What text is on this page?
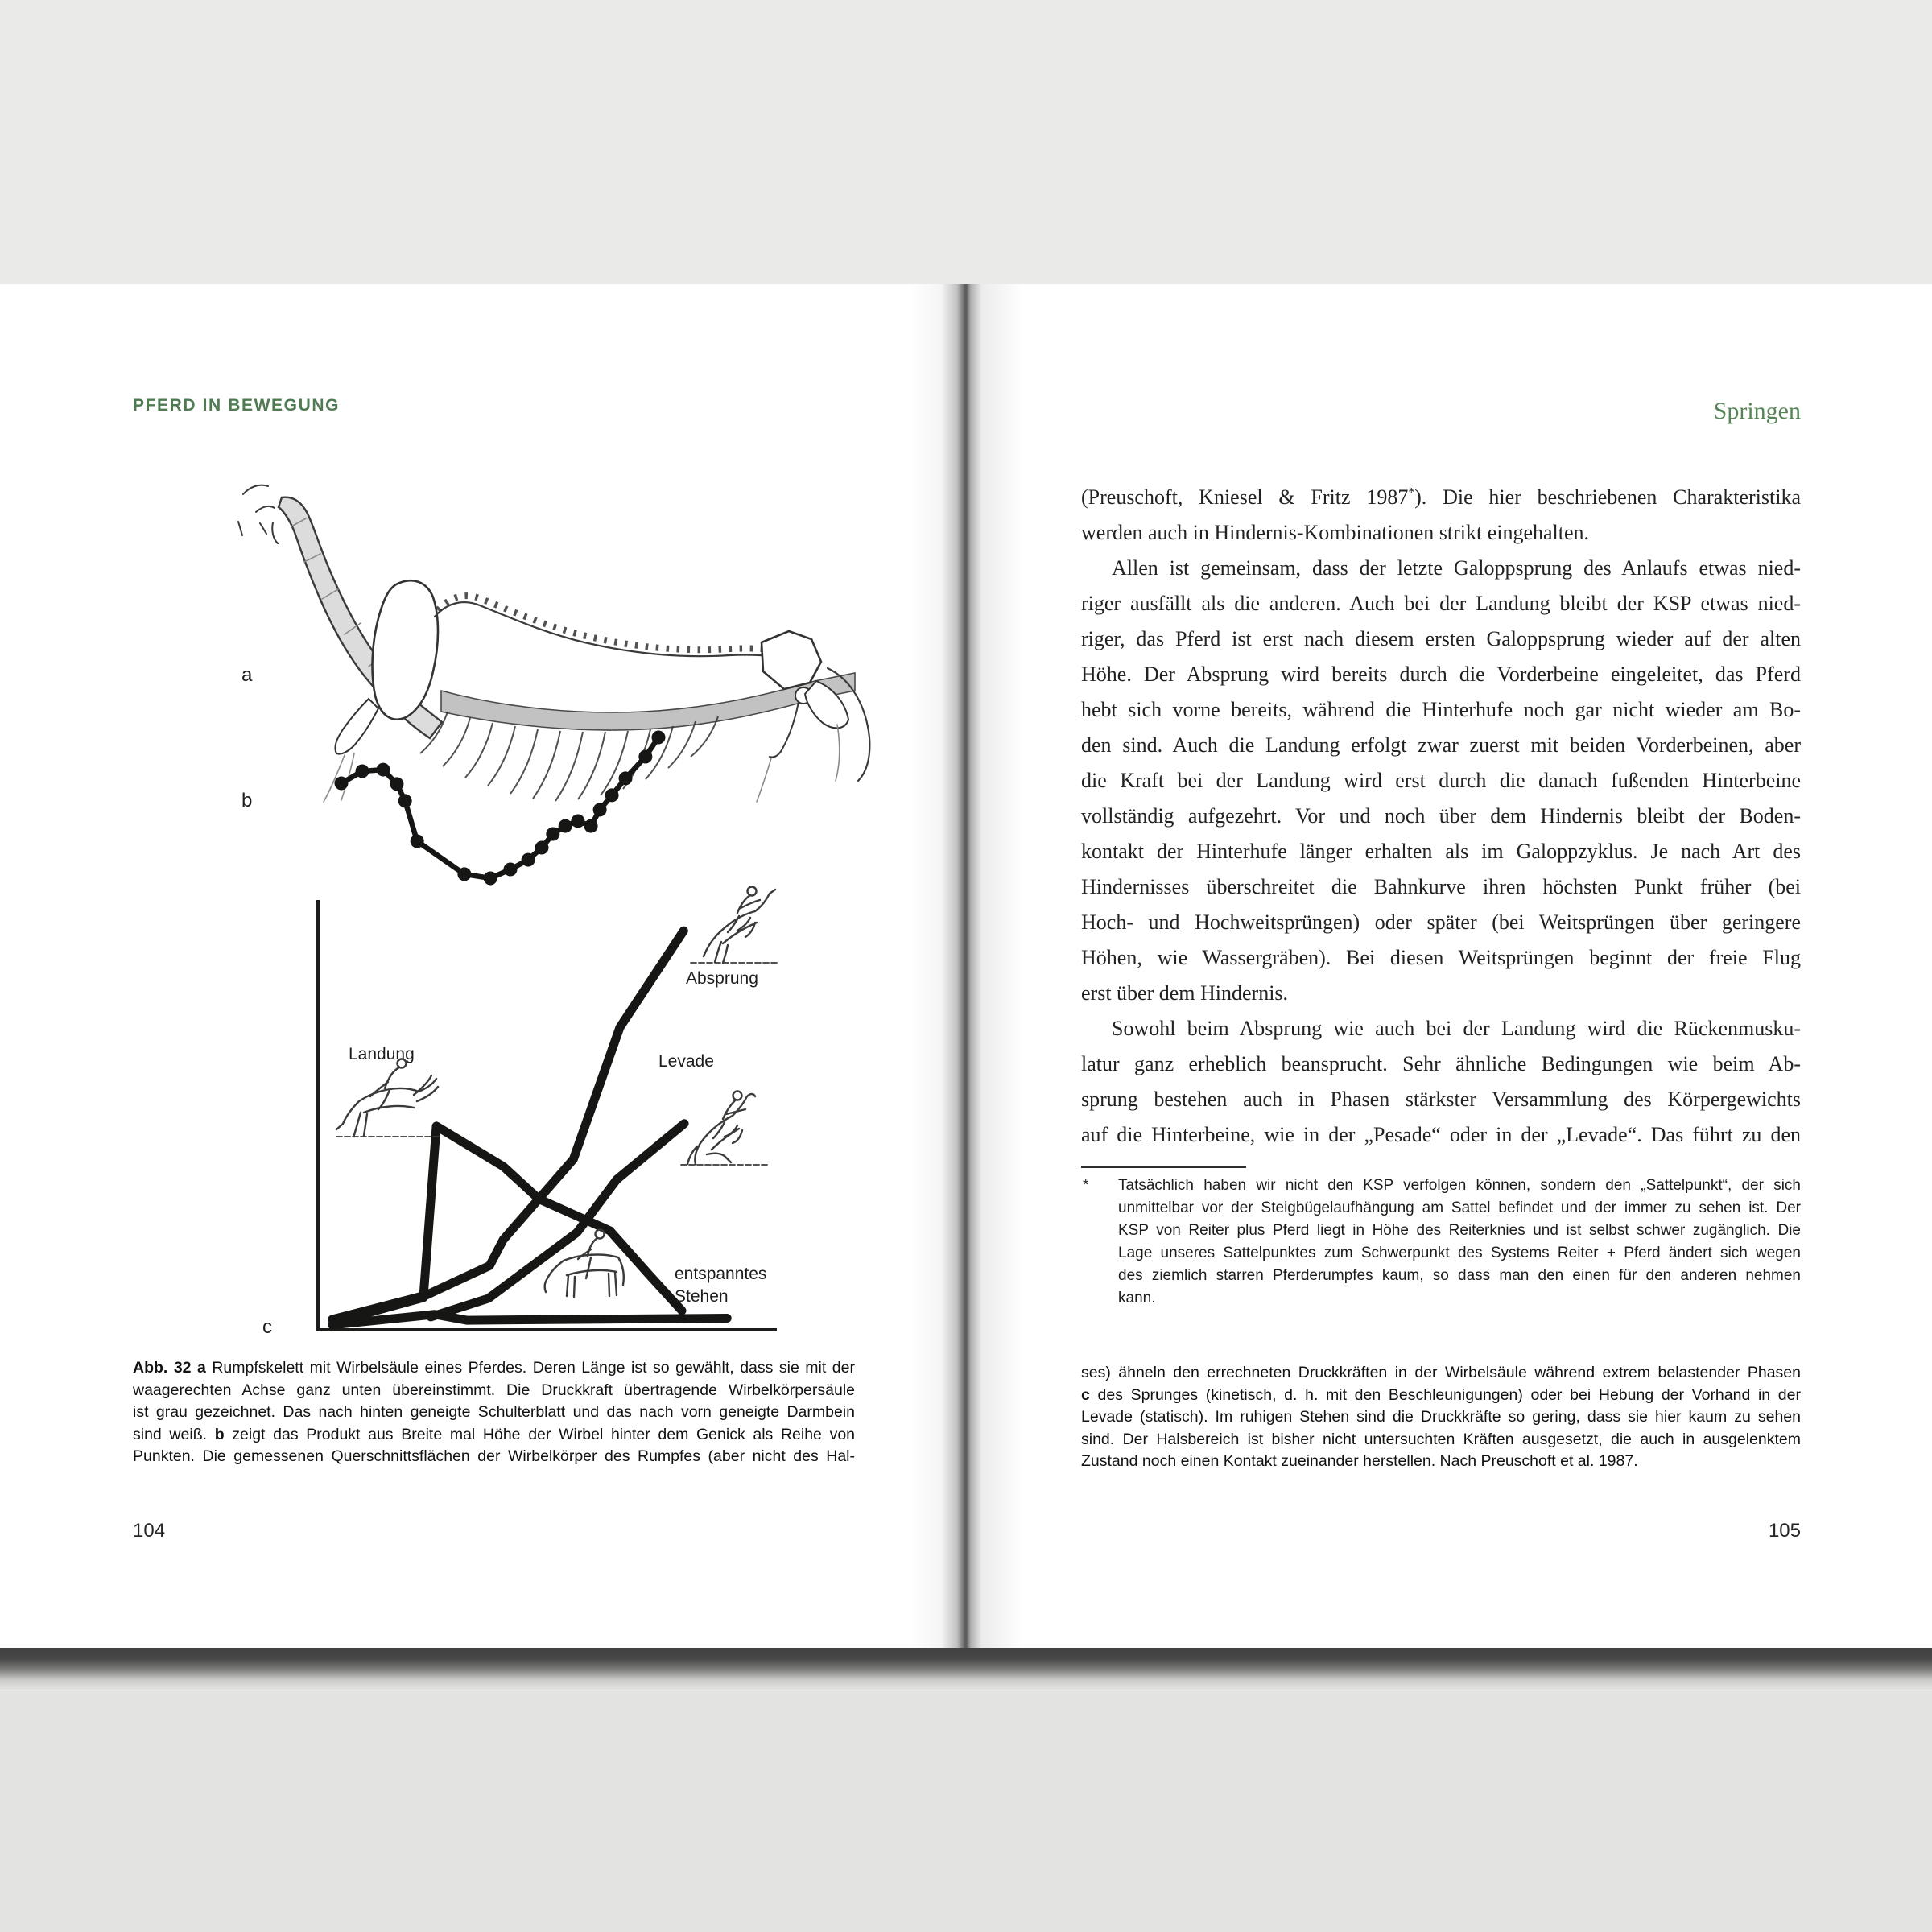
PFERD IN BEWEGUNG
a
b
c
Landung
Absprung
Levade
entspanntes
Stehen
Abb. 32 a Rumpfskelett mit Wirbelsäule eines Pferdes. Deren Länge ist so gewählt, dass sie mit der
waagerechten Achse ganz unten übereinstimmt. Die Druckkraft übertragende Wirbelkörpersäule
ist grau gezeichnet. Das nach hinten geneigte Schulterblatt und das nach vorn geneigte Darmbein
sind weiß. b zeigt das Produkt aus Breite mal Höhe der Wirbel hinter dem Genick als Reihe von
Punkten. Die gemessenen Querschnittsflächen der Wirbelkörper des Rumpfes (aber nicht des Hal-
104
Springen
(Preuschoft, Kniesel & Fritz 1987*). Die hier beschriebenen Charakteristika
werden auch in Hindernis-Kombinationen strikt eingehalten.
Allen ist gemeinsam, dass der letzte Galoppsprung des Anlaufs etwas nied-
riger ausfällt als die anderen. Auch bei der Landung bleibt der KSP etwas nied-
riger, das Pferd ist erst nach diesem ersten Galoppsprung wieder auf der alten
Höhe. Der Absprung wird bereits durch die Vorderbeine eingeleitet, das Pferd
hebt sich vorne bereits, während die Hinterhufe noch gar nicht wieder am Bo-
den sind. Auch die Landung erfolgt zwar zuerst mit beiden Vorderbeinen, aber
die Kraft bei der Landung wird erst durch die danach fußenden Hinterbeine
vollständig aufgezehrt. Vor und noch über dem Hindernis bleibt der Boden-
kontakt der Hinterhufe länger erhalten als im Galoppzyklus. Je nach Art des
Hindernisses überschreitet die Bahnkurve ihren höchsten Punkt früher (bei
Hoch- und Hochweitsprüngen) oder später (bei Weitsprüngen über geringere
Höhen, wie Wassergräben). Bei diesen Weitsprüngen beginnt der freie Flug
erst über dem Hindernis.
Sowohl beim Absprung wie auch bei der Landung wird die Rückenmusku-
latur ganz erheblich beansprucht. Sehr ähnliche Bedingungen wie beim Ab-
sprung bestehen auch in Phasen stärkster Versammlung des Körpergewichts
auf die Hinterbeine, wie in der „Pesade“ oder in der „Levade“. Das führt zu den
*	Tatsächlich haben wir nicht den KSP verfolgen können, sondern den „Sattelpunkt“, der sich
unmittelbar vor der Steigbügelaufhängung am Sattel befindet und der immer zu sehen ist. Der
KSP von Reiter plus Pferd liegt in Höhe des Reiterknies und ist selbst schwer zugänglich. Die
Lage unseres Sattelpunktes zum Schwerpunkt des Systems Reiter + Pferd ändert sich wegen
des ziemlich starren Pferderumpfes kaum, so dass man den einen für den anderen nehmen
kann.
ses) ähneln den errechneten Druckkräften in der Wirbelsäule während extrem belastender Phasen
c des Sprunges (kinetisch, d. h. mit den Beschleunigungen) oder bei Hebung der Vorhand in der
Levade (statisch). Im ruhigen Stehen sind die Druckkräfte so gering, dass sie hier kaum zu sehen
sind. Der Halsbereich ist bisher nicht untersuchten Kräften ausgesetzt, die auch in ausgelenktem
Zustand noch einen Kontakt zueinander herstellen. Nach Preuschoft et al. 1987.
105
